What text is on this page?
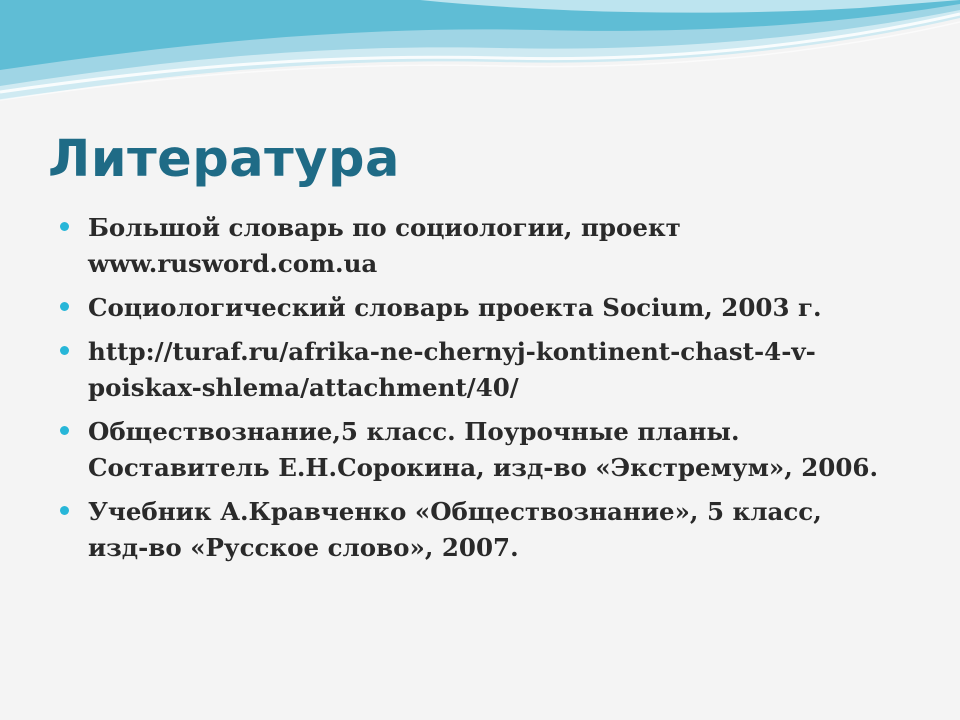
Литература
Большой словарь по социологии, проект www.rusword.com.ua
Социологический словарь проекта Socium, 2003 г.
http://turaf.ru/afrika-ne-chernyj-kontinent-chast-4-v-poiskax-shlema/attachment/40/
Обществознание,5 класс. Поурочные планы. Составитель Е.Н.Сорокина, изд-во «Экстремум», 2006.
Учебник А.Кравченко «Обществознание», 5 класс, изд-во «Русское слово», 2007.
